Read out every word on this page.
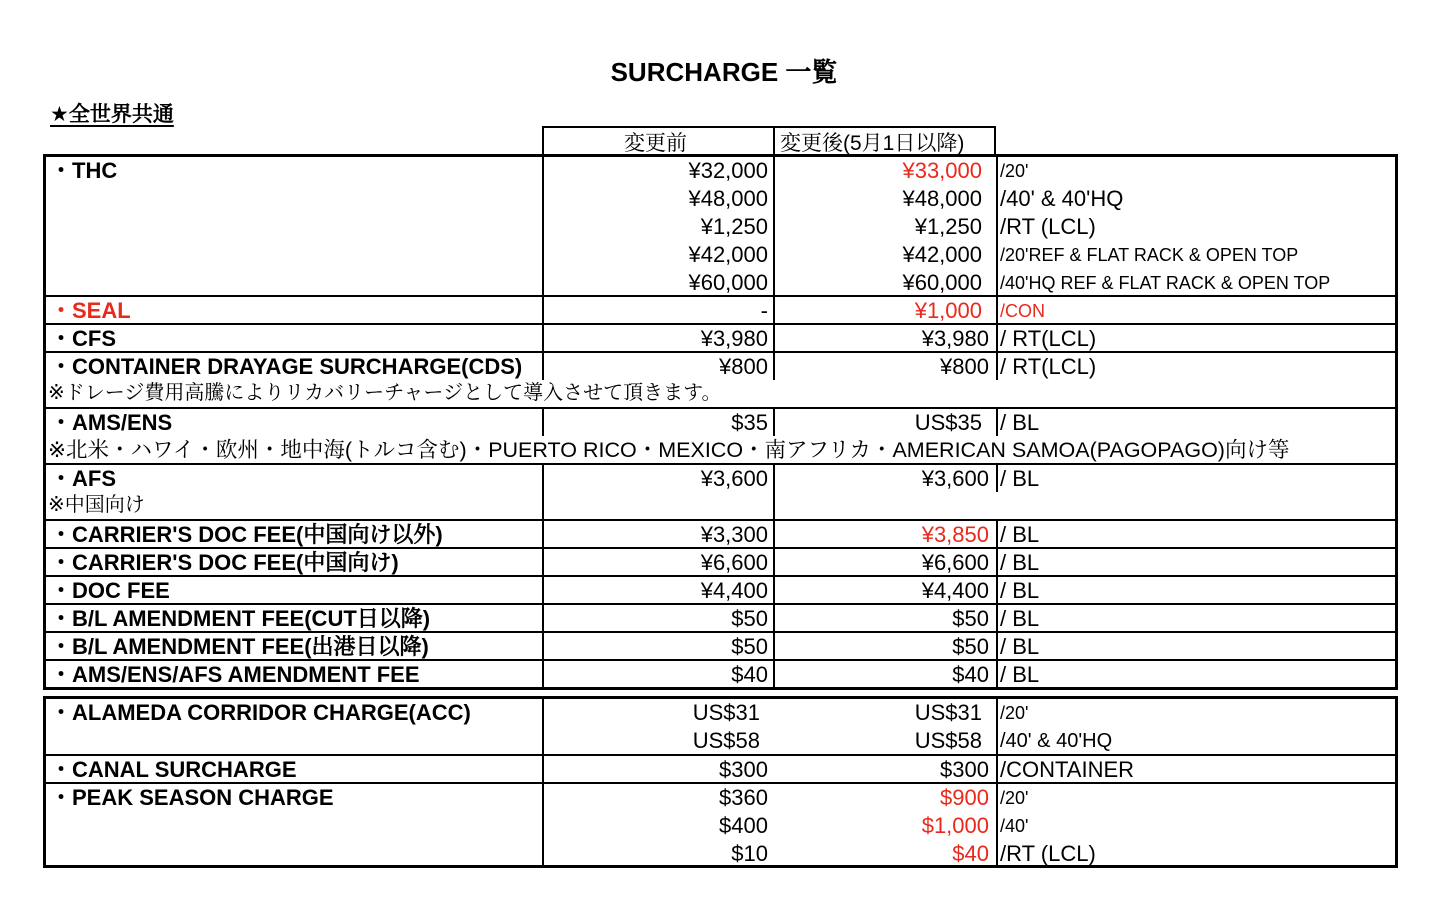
SURCHARGE 一覧
★全世界共通
変更前	変更後(5月1日以降)
・THC	¥32,000	¥33,000 /20'
¥48,000	¥48,000 /40' & 40'HQ
¥1,250	¥1,250 /RT (LCL)
¥42,000	¥42,000 /20'REF & FLAT RACK & OPEN TOP
¥60,000	¥60,000 /40'HQ REF & FLAT RACK & OPEN TOP
・SEAL	-	¥1,000 /CON
・CFS	¥3,980	¥3,980 / RT(LCL)
・CONTAINER DRAYAGE SURCHARGE(CDS)	¥800	¥800 / RT(LCL)
※ドレージ費用高騰によりリカバリーチャージとして導入させて頂きます。
・AMS/ENS	$35	US$35 / BL
※北米・ハワイ・欧州・地中海(トルコ含む)・PUERTO RICO・MEXICO・南アフリカ・AMERICAN SAMOA(PAGOPAGO)向け等
・AFS	¥3,600	¥3,600 / BL
※中国向け
・CARRIER'S DOC FEE(中国向け以外)	¥3,300	¥3,850 / BL
・CARRIER'S DOC FEE(中国向け)	¥6,600	¥6,600 / BL
・DOC FEE	¥4,400	¥4,400 / BL
・B/L AMENDMENT FEE(CUT日以降)	$50	$50 / BL
・B/L AMENDMENT FEE(出港日以降)	$50	$50 / BL
・AMS/ENS/AFS AMENDMENT FEE	$40	$40 / BL
・ALAMEDA CORRIDOR CHARGE(ACC)	US$31	US$31 /20'
US$58	US$58 /40' & 40'HQ
・CANAL SURCHARGE	$300	$300 /CONTAINER
・PEAK SEASON CHARGE	$360	$900 /20'
$400	$1,000 /40'
$10	$40 /RT (LCL)
